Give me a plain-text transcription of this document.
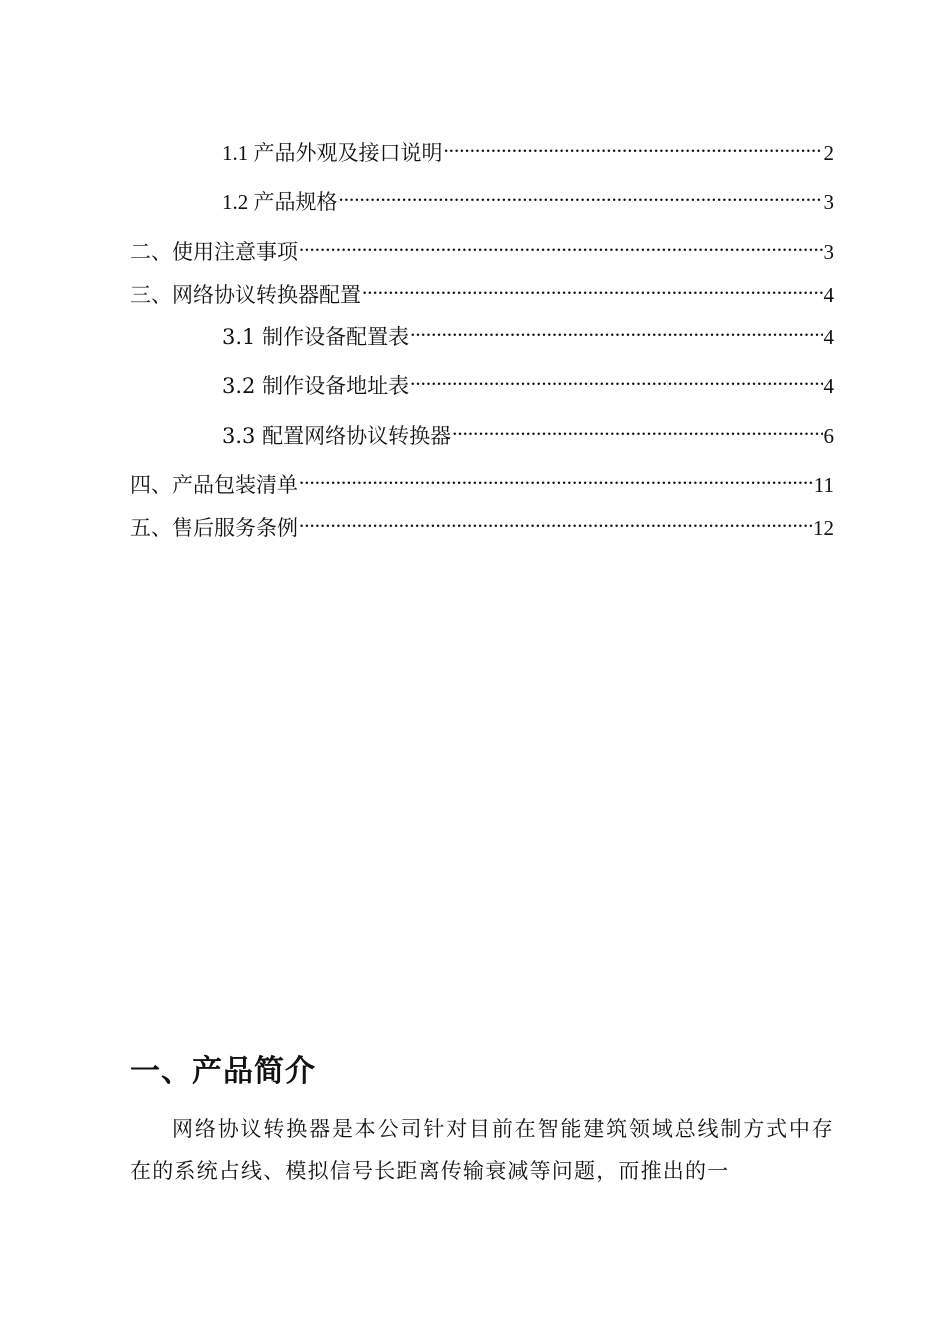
1.1 产品外观及接口说明 .....	2
1.2 产品规格 .....	3
二、使用注意事项 .....	3
三、网络协议转换器配置 .....	4
3.1 制作设备配置表 .....	4
3.2 制作设备地址表 .....	4
3.3 配置网络协议转换器 .....	6
四、产品包装清单 .....	11
五、售后服务条例 .....	12
一、产品简介

网络协议转换器是本公司针对目前在智能建筑领域总线制方式中存在的系统占线、模拟信号长距离传输衰减等问题，而推出的一
